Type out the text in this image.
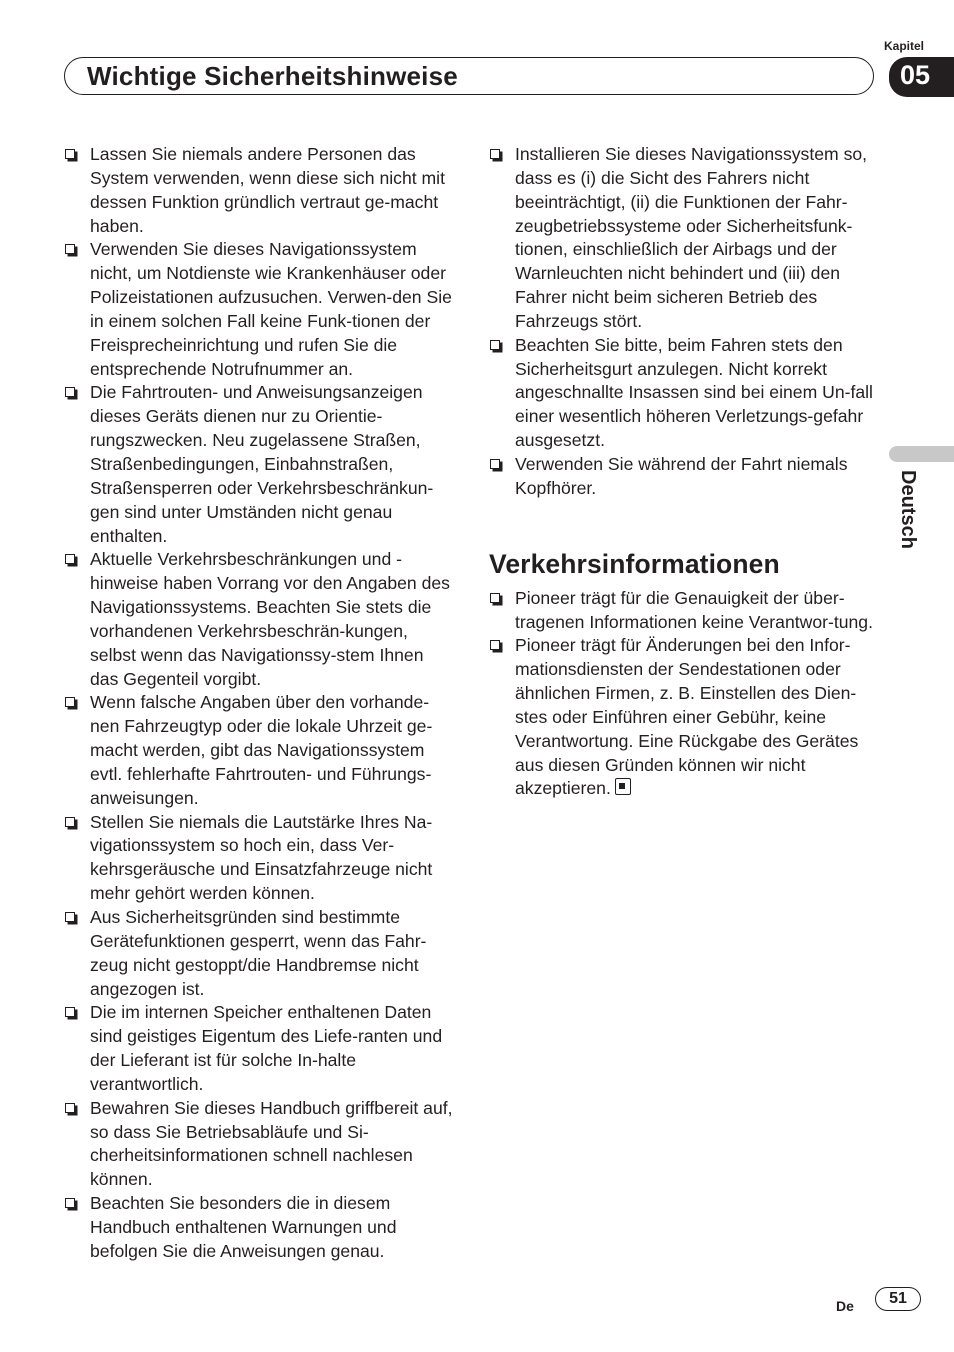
Wichtige Sicherheitshinweise
Kapitel
05
Deutsch
Lassen Sie niemals andere Personen das System verwenden, wenn diese sich nicht mit dessen Funktion gründlich vertraut ge-macht haben.
Verwenden Sie dieses Navigationssystem nicht, um Notdienste wie Krankenhäuser oder Polizeistationen aufzusuchen. Verwen-den Sie in einem solchen Fall keine Funk-tionen der Freisprecheinrichtung und rufen Sie die entsprechende Notrufnummer an.
Die Fahrtrouten- und Anweisungsanzeigen dieses Geräts dienen nur zu Orientie-rungszwecken. Neu zugelassene Straßen, Straßenbedingungen, Einbahnstraßen, Straßensperren oder Verkehrsbeschränkun-gen sind unter Umständen nicht genau enthalten.
Aktuelle Verkehrsbeschränkungen und -hinweise haben Vorrang vor den Angaben des Navigationssystems. Beachten Sie stets die vorhandenen Verkehrsbeschrän-kungen, selbst wenn das Navigationssy-stem Ihnen das Gegenteil vorgibt.
Wenn falsche Angaben über den vorhande-nen Fahrzeugtyp oder die lokale Uhrzeit ge-macht werden, gibt das Navigationssystem evtl. fehlerhafte Fahrtrouten- und Führungs-anweisungen.
Stellen Sie niemals die Lautstärke Ihres Na-vigationssystem so hoch ein, dass Ver-kehrsgeräusche und Einsatzfahrzeuge nicht mehr gehört werden können.
Aus Sicherheitsgründen sind bestimmte Gerätefunktionen gesperrt, wenn das Fahr-zeug nicht gestoppt/die Handbremse nicht angezogen ist.
Die im internen Speicher enthaltenen Daten sind geistiges Eigentum des Liefe-ranten und der Lieferant ist für solche In-halte verantwortlich.
Bewahren Sie dieses Handbuch griffbereit auf, so dass Sie Betriebsabläufe und Si-cherheitsinformationen schnell nachlesen können.
Beachten Sie besonders die in diesem Handbuch enthaltenen Warnungen und befolgen Sie die Anweisungen genau.
Installieren Sie dieses Navigationssystem so, dass es (i) die Sicht des Fahrers nicht beeinträchtigt, (ii) die Funktionen der Fahr-zeugbetriebssysteme oder Sicherheitsfunk-tionen, einschließlich der Airbags und der Warnleuchten nicht behindert und (iii) den Fahrer nicht beim sicheren Betrieb des Fahrzeugs stört.
Beachten Sie bitte, beim Fahren stets den Sicherheitsgurt anzulegen. Nicht korrekt angeschnallte Insassen sind bei einem Un-fall einer wesentlich höheren Verletzungs-gefahr ausgesetzt.
Verwenden Sie während der Fahrt niemals Kopfhörer.
Verkehrsinformationen
Pioneer trägt für die Genauigkeit der über-tragenen Informationen keine Verantwor-tung.
Pioneer trägt für Änderungen bei den Infor-mationsdiensten der Sendestationen oder ähnlichen Firmen, z. B. Einstellen des Dien-stes oder Einführen einer Gebühr, keine Verantwortung. Eine Rückgabe des Gerätes aus diesen Gründen können wir nicht akzeptieren.
De	51
